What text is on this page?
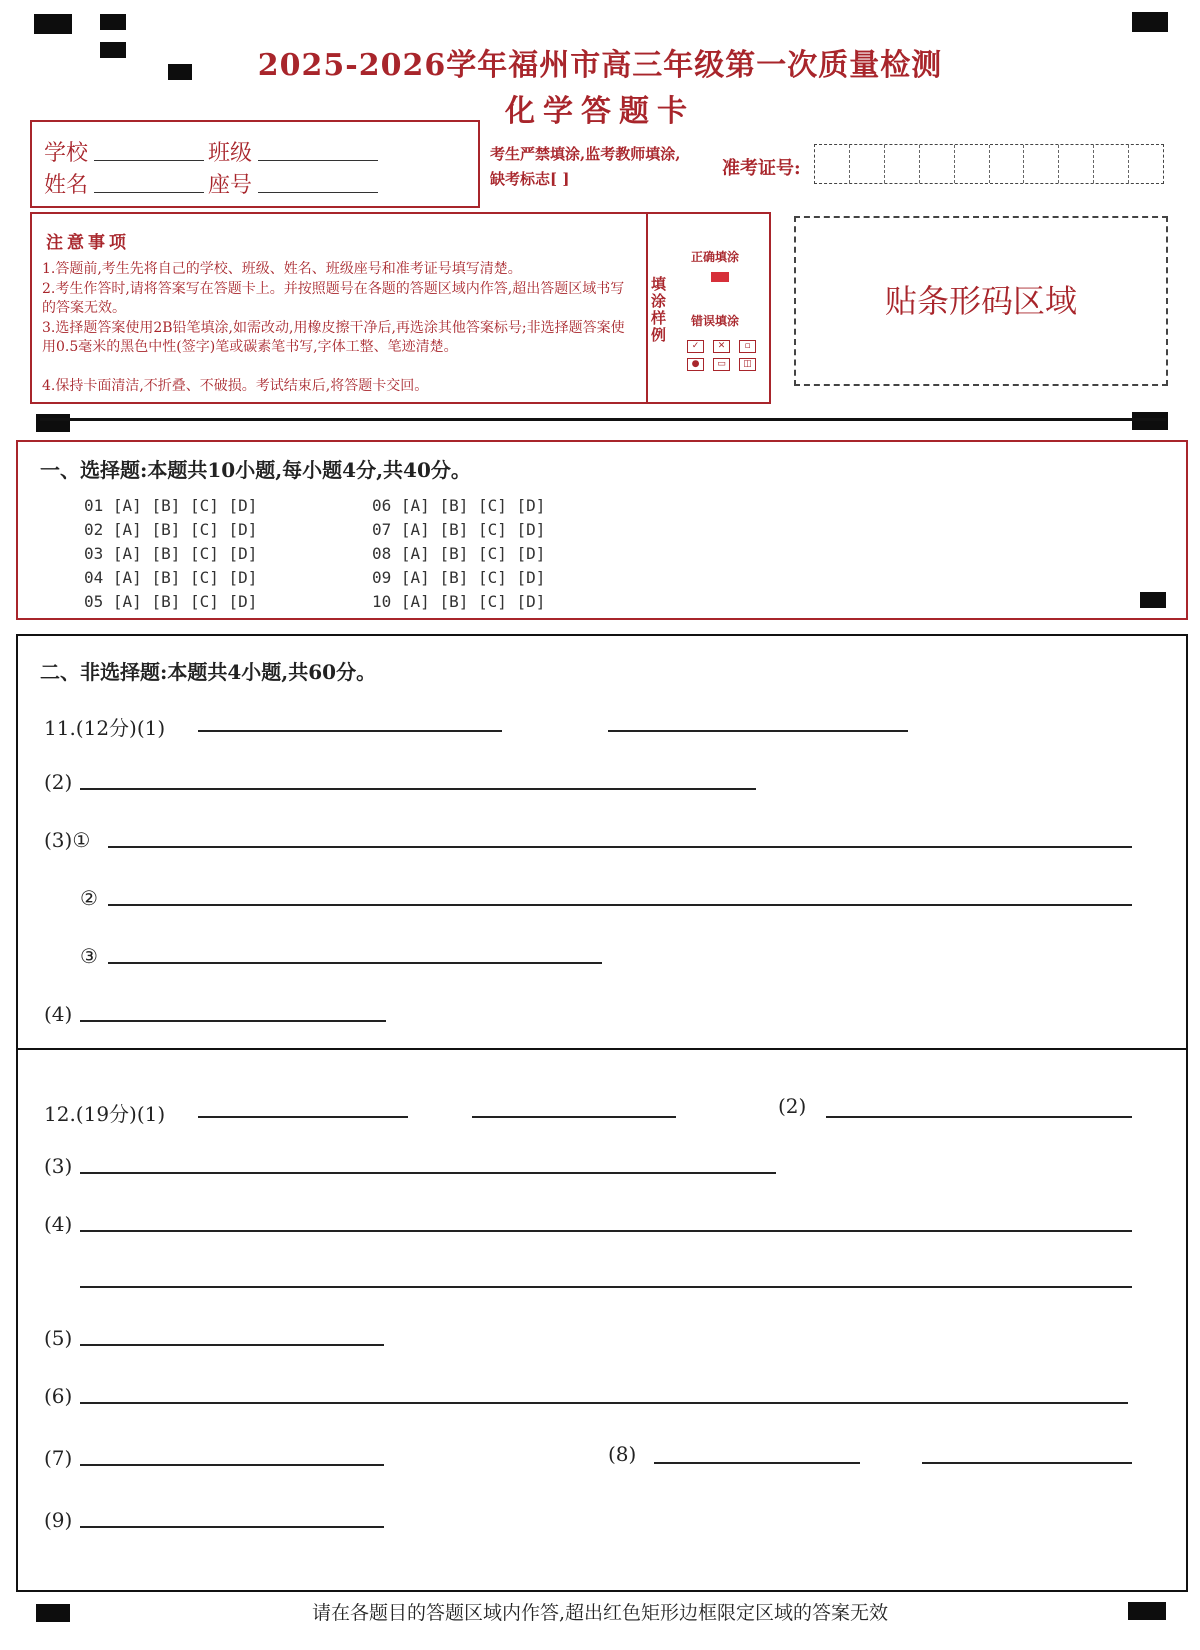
2025-2026学年福州市高三年级第一次质量检测
化学答题卡
学校	班级
姓名	座号
考生严禁填涂,监考教师填涂,
缺考标志[ ]	准考证号:
注意事项
1.答题前,考生先将自己的学校、班级、姓名、班级座号和准考证号填写清楚。
2.考生作答时,请将答案写在答题卡上。并按照题号在各题的答题区域内作答,超出答题区域书写的答案无效。
3.选择题答案使用2B铅笔填涂,如需改动,用橡皮擦干净后,再选涂其他答案标号;非选择题答案使用0.5毫米的黑色中性(签字)笔或碳素笔书写,字体工整、笔迹清楚。
4.保持卡面清洁,不折叠、不破损。考试结束后,将答题卡交回。
填涂样例
正确填涂
错误填涂
✓	✕	▫
●	▭	◫
贴条形码区域
一、选择题:本题共10小题,每小题4分,共40分。
01 [A] [B] [C] [D]
02 [A] [B] [C] [D]
03 [A] [B] [C] [D]
04 [A] [B] [C] [D]
05 [A] [B] [C] [D]
06 [A] [B] [C] [D]
07 [A] [B] [C] [D]
08 [A] [B] [C] [D]
09 [A] [B] [C] [D]
10 [A] [B] [C] [D]
二、非选择题:本题共4小题,共60分。
11.(12分)(1)
(2)
(3)①
②
③
(4)
12.(19分)(1)	(2)
(3)
(4)
(5)
(6)
(7)	(8)
(9)
请在各题目的答题区域内作答,超出红色矩形边框限定区域的答案无效
